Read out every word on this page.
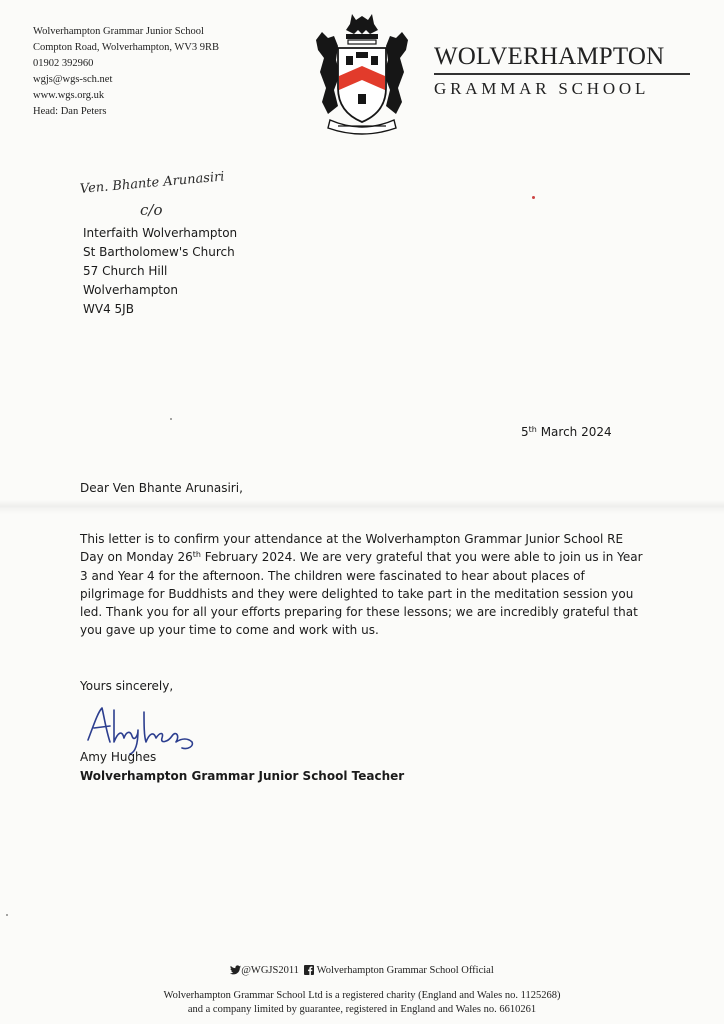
Wolverhampton Grammar Junior School
Compton Road, Wolverhampton, WV3 9RB
01902 392960
wgjs@wgs-sch.net
www.wgs.org.uk
Head: Dan Peters
WOLVERHAMPTON
GRAMMAR SCHOOL
Ven. Bhante Arunasiri
c/o
Interfaith Wolverhampton
St Bartholomew's Church
57 Church Hill
Wolverhampton
WV4 5JB
5th March 2024
Dear Ven Bhante Arunasiri,
This letter is to confirm your attendance at the Wolverhampton Grammar Junior School RE
Day on Monday 26th February 2024. We are very grateful that you were able to join us in Year
3 and Year 4 for the afternoon. The children were fascinated to hear about places of
pilgrimage for Buddhists and they were delighted to take part in the meditation session you
led. Thank you for all your efforts preparing for these lessons; we are incredibly grateful that
you gave up your time to come and work with us.
Yours sincerely,
Amy Hughes
Wolverhampton Grammar Junior School Teacher
@WGJS2011 Wolverhampton Grammar School Official
Wolverhampton Grammar School Ltd is a registered charity (England and Wales no. 1125268)
and a company limited by guarantee, registered in England and Wales no. 6610261
